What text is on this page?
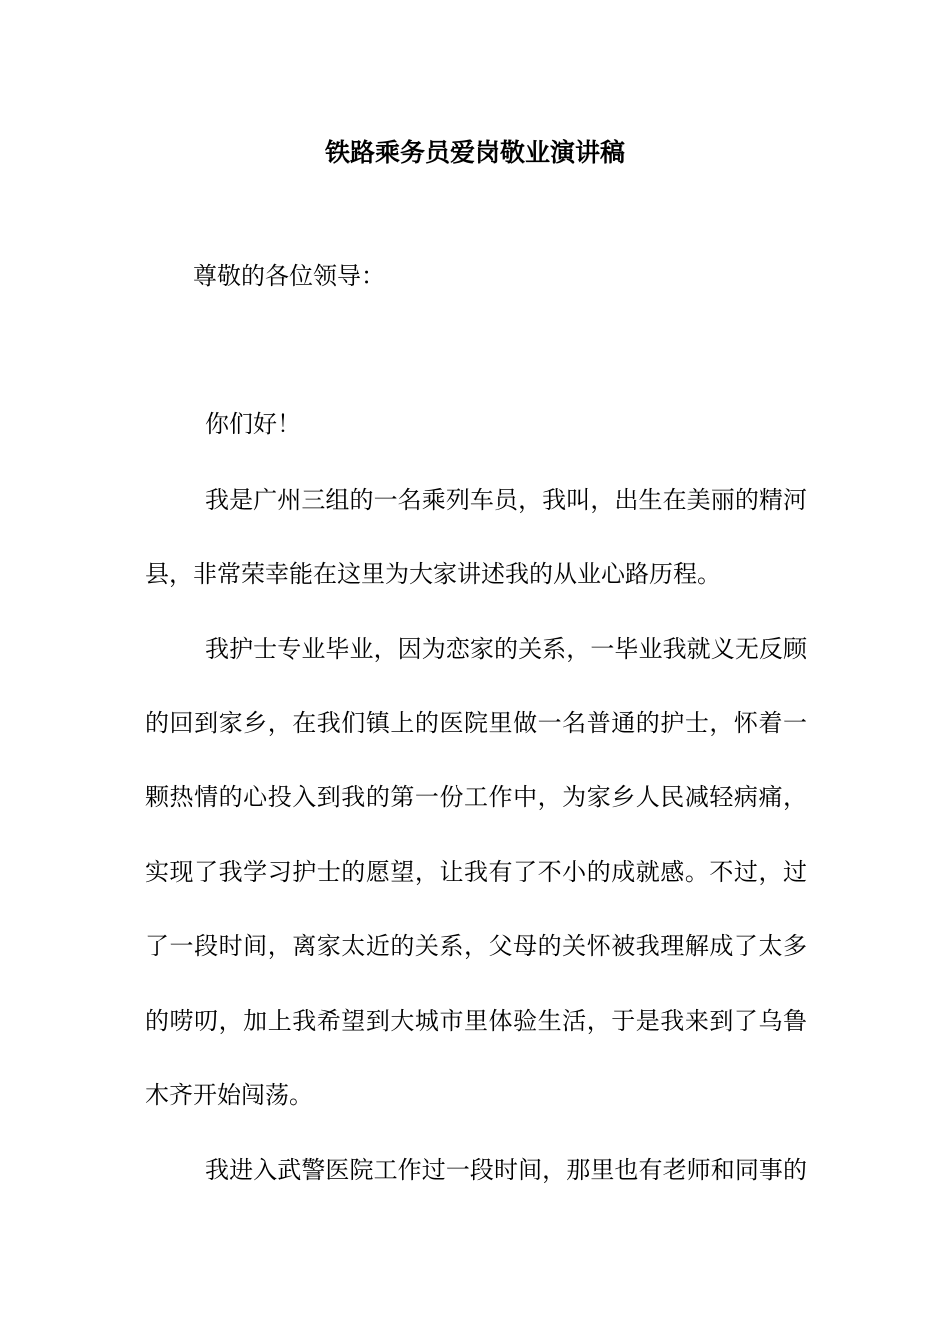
铁路乘务员爱岗敬业演讲稿
尊敬的各位领导：
你们好！
我是广州三组的一名乘列车员，我叫，出生在美丽的精河
县，非常荣幸能在这里为大家讲述我的从业心路历程。
我护士专业毕业，因为恋家的关系，一毕业我就义无反顾
的回到家乡，在我们镇上的医院里做一名普通的护士，怀着一
颗热情的心投入到我的第一份工作中，为家乡人民减轻病痛，
实现了我学习护士的愿望，让我有了不小的成就感。不过，过
了一段时间，离家太近的关系，父母的关怀被我理解成了太多
的唠叨，加上我希望到大城市里体验生活，于是我来到了乌鲁
木齐开始闯荡。
我进入武警医院工作过一段时间，那里也有老师和同事的
